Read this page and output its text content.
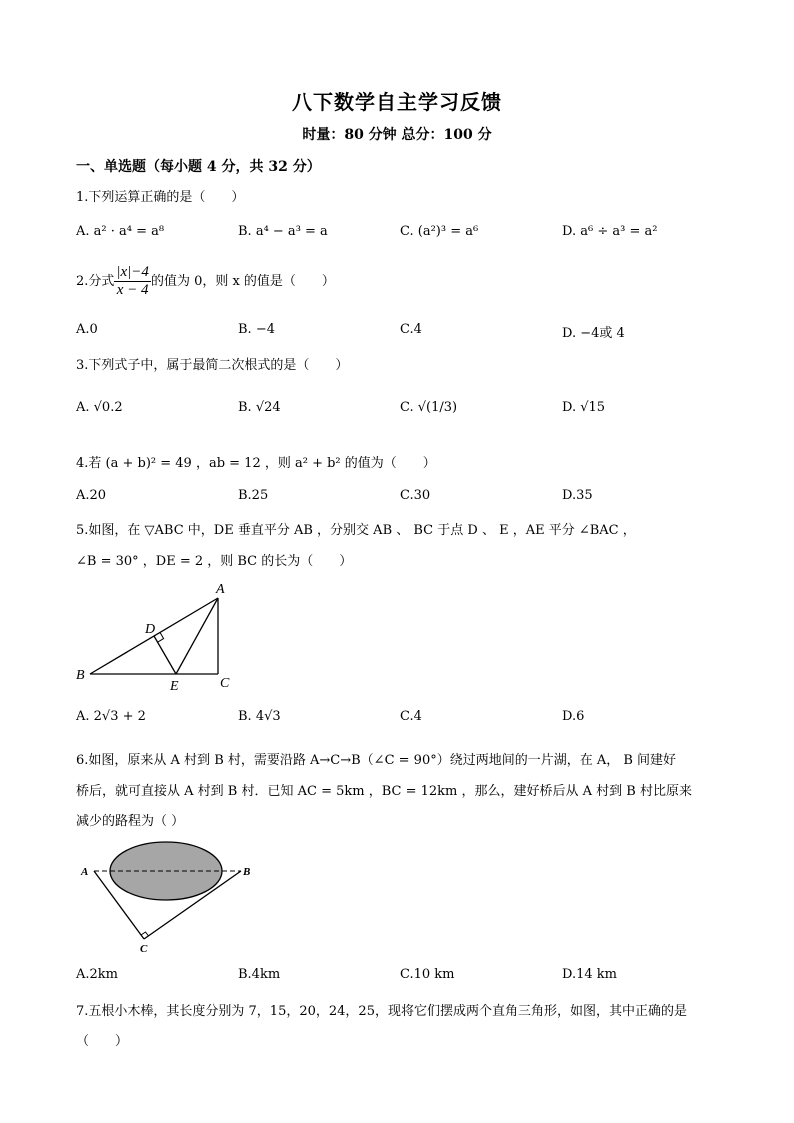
八下数学自主学习反馈
时量：80 分钟 总分：100 分
一、单选题（每小题 4 分，共 32 分）
1.下列运算正确的是（　　）
A. a² · a⁴ = a⁸	B. a⁴ − a³ = a	C. (a²)³ = a⁶	D. a⁶ ÷ a³ = a²
2.分式 $\frac{|x|-4}{x - 4}$ 的值为 0，则 x 的值是（　　）
A.0	B. −4	C.4	D. −4或 4
3.下列式子中，属于最简二次根式的是（　　）
A. √0.2	B. √24	C. √(1/3)	D. √15
4.若 (a + b)² = 49 ，ab = 12 ，则 a² + b² 的值为（　　）
A.20	B.25	C.30	D.35
5.如图，在 ▽ABC 中，DE 垂直平分 AB ，分别交 AB 、 BC 于点 D 、 E ，AE 平分 ∠BAC ，
∠B = 30° ，DE = 2 ，则 BC 的长为（　　）
A
D
B
E	C
A. 2√3 + 2	B. 4√3	C.4	D.6
6.如图，原来从 A 村到 B 村，需要沿路 A→C→B（∠C = 90°）绕过两地间的一片湖，在 A， B 间建好
桥后，就可直接从 A 村到 B 村．已知 AC = 5km ，BC = 12km ，那么，建好桥后从 A 村到 B 村比原来
减少的路程为（ ）
A	B
C
A.2km	B.4km	C.10 km	D.14 km
7.五根小木棒，其长度分别为 7，15，20，24，25，现将它们摆成两个直角三角形，如图，其中正确的是
（　　）
